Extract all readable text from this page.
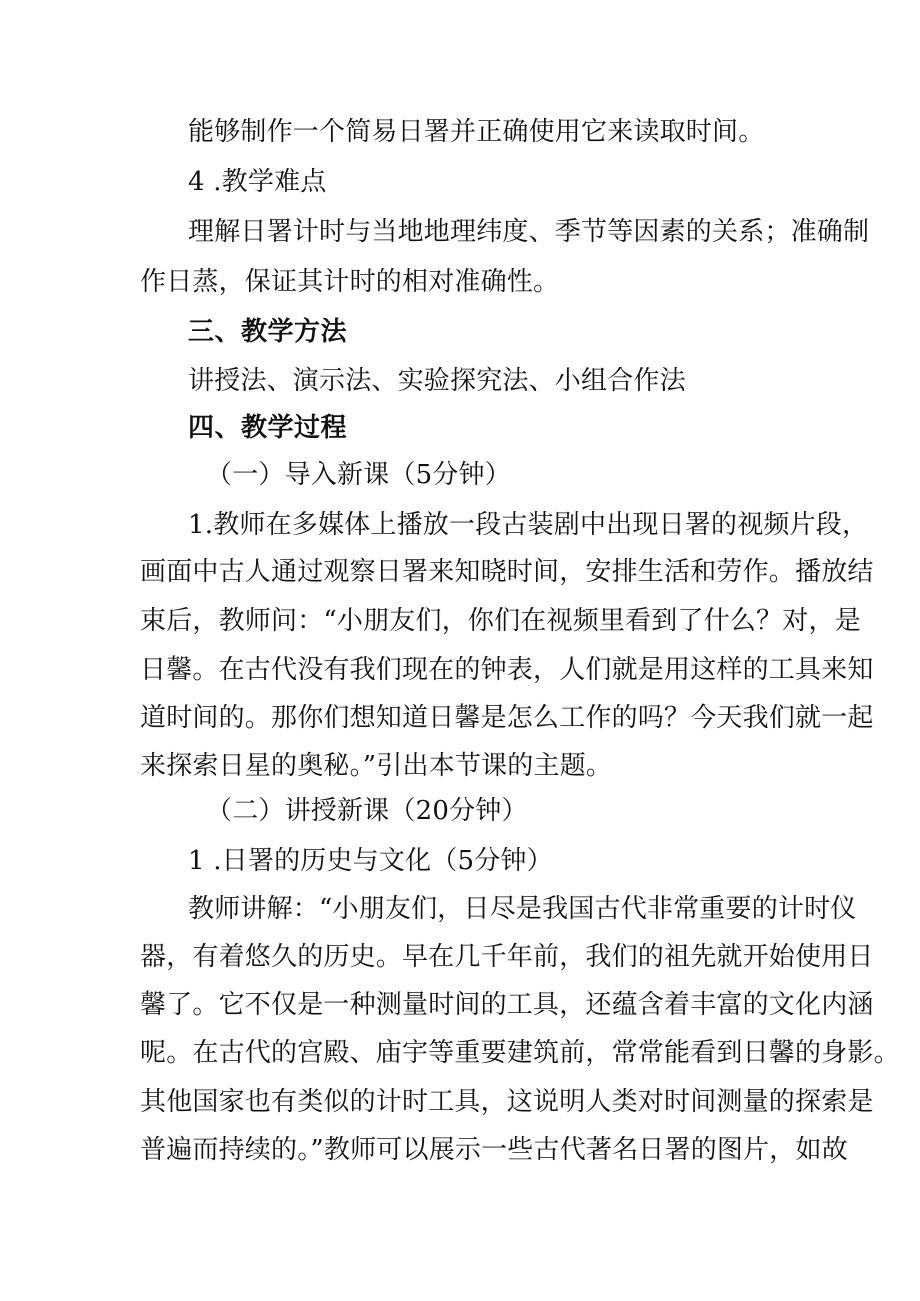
能够制作一个简易日署并正确使用它来读取时间。
4 .教学难点
理解日署计时与当地地理纬度、季节等因素的关系；准确制
作日蒸，保证其计时的相对准确性。
三、教学方法
讲授法、演示法、实验探究法、小组合作法
四、教学过程
（一）导入新课（5分钟）
1.教师在多媒体上播放一段古装剧中出现日署的视频片段，
画面中古人通过观察日署来知晓时间，安排生活和劳作。播放结
束后，教师问：“小朋友们，你们在视频里看到了什么？对，是
日馨。在古代没有我们现在的钟表，人们就是用这样的工具来知
道时间的。那你们想知道日馨是怎么工作的吗？今天我们就一起
来探索日星的奥秘。”引出本节课的主题。
（二）讲授新课（20分钟）
1 .日署的历史与文化（5分钟）
教师讲解：“小朋友们，日尽是我国古代非常重要的计时仪
器，有着悠久的历史。早在几千年前，我们的祖先就开始使用日
馨了。它不仅是一种测量时间的工具，还蕴含着丰富的文化内涵
呢。在古代的宫殿、庙宇等重要建筑前，常常能看到日馨的身影。
其他国家也有类似的计时工具，这说明人类对时间测量的探索是
普遍而持续的。”教师可以展示一些古代著名日署的图片，如故
